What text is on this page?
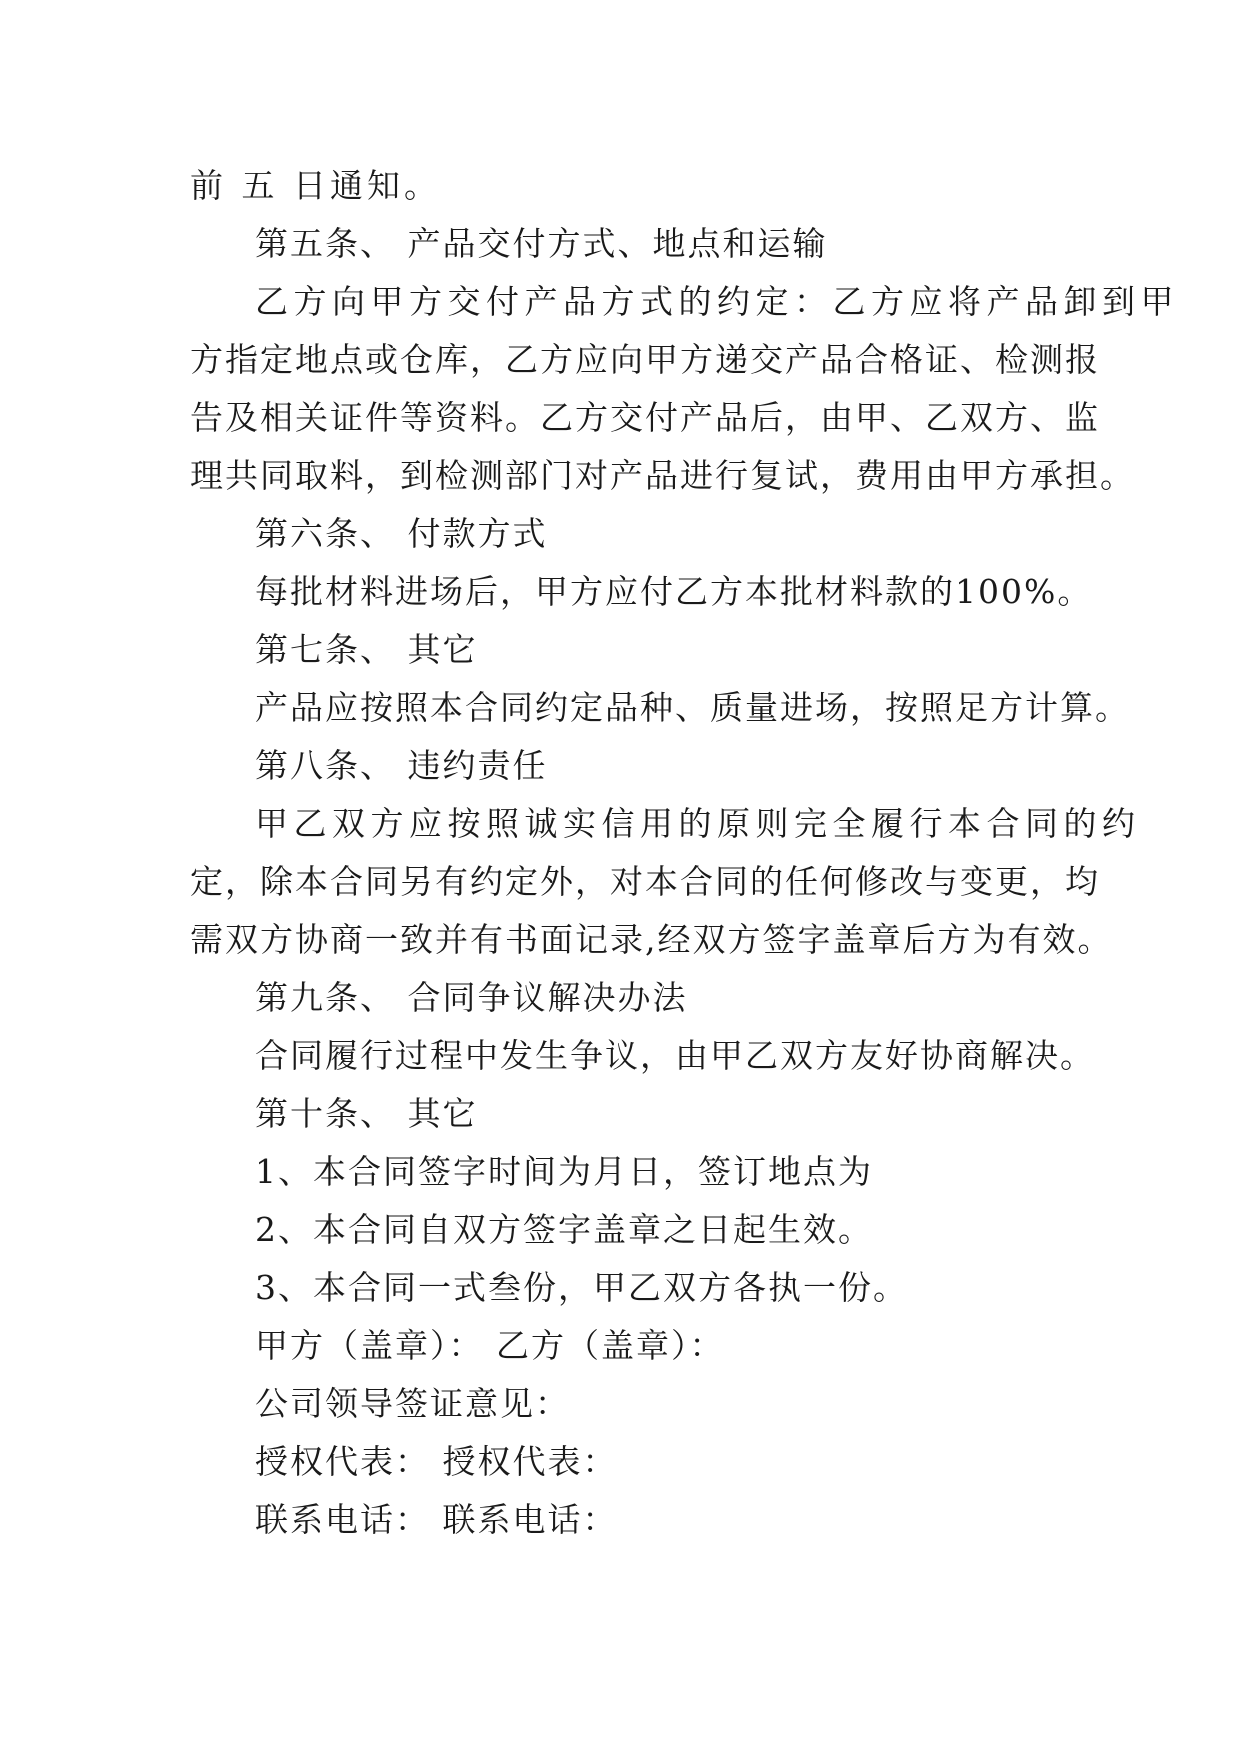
前 五 日通知。
第五条、 产品交付方式、地点和运输
乙方向甲方交付产品方式的约定：乙方应将产品卸到甲
方指定地点或仓库，乙方应向甲方递交产品合格证、检测报
告及相关证件等资料。乙方交付产品后，由甲、乙双方、监
理共同取料，到检测部门对产品进行复试，费用由甲方承担。
第六条、 付款方式
每批材料进场后，甲方应付乙方本批材料款的100%。
第七条、 其它
产品应按照本合同约定品种、质量进场，按照足方计算。
第八条、 违约责任
甲乙双方应按照诚实信用的原则完全履行本合同的约
定，除本合同另有约定外，对本合同的任何修改与变更，均
需双方协商一致并有书面记录,经双方签字盖章后方为有效。
第九条、 合同争议解决办法
合同履行过程中发生争议，由甲乙双方友好协商解决。
第十条、 其它
1、本合同签字时间为月日，签订地点为
2、本合同自双方签字盖章之日起生效。
3、本合同一式叁份，甲乙双方各执一份。
甲方（盖章）： 乙方（盖章）：
公司领导签证意见：
授权代表： 授权代表：
联系电话： 联系电话：
